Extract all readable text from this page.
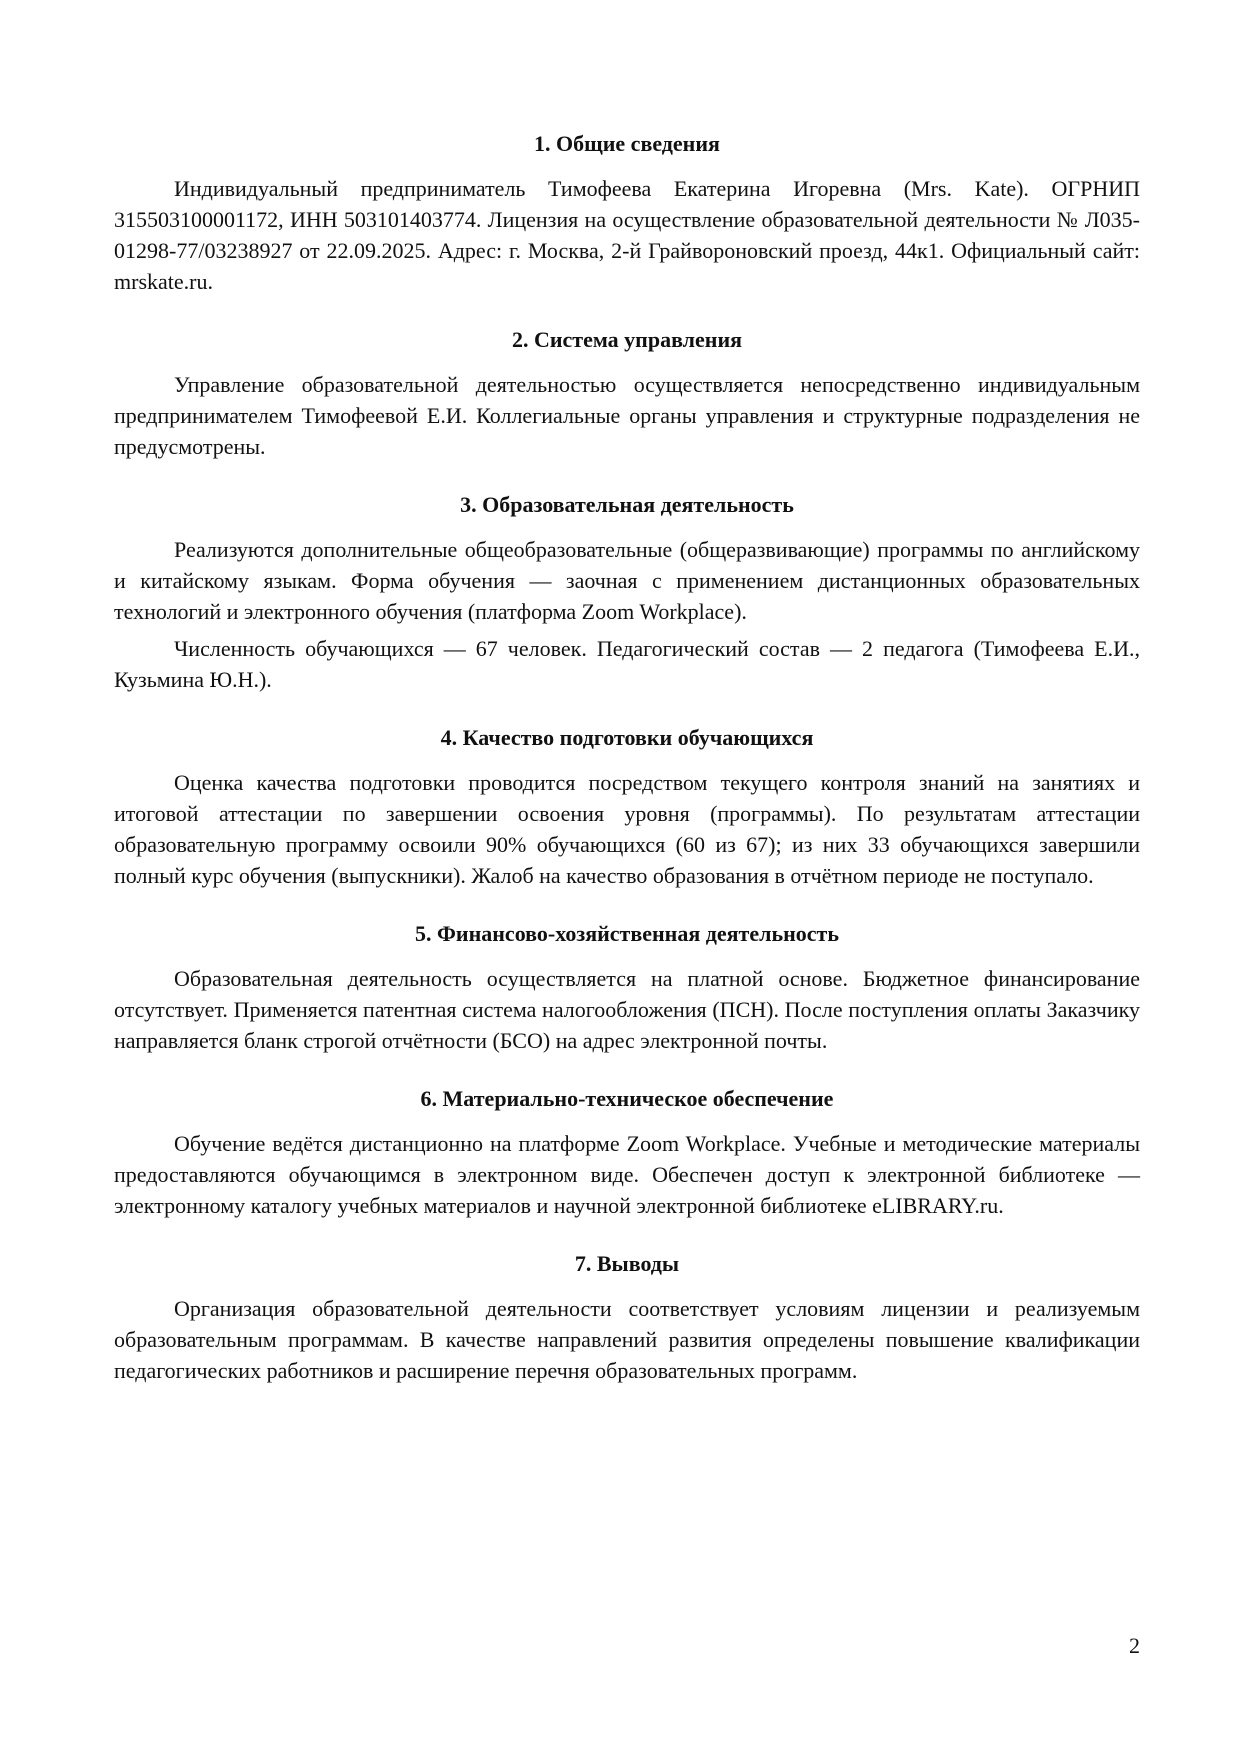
1. Общие сведения

Индивидуальный предприниматель Тимофеева Екатерина Игоревна (Mrs. Kate). ОГРНИП 315503100001172, ИНН 503101403774. Лицензия на осуществление образовательной деятельности № Л035-01298-77/03238927 от 22.09.2025. Адрес: г. Москва, 2-й Грайвороновский проезд, 44к1. Официальный сайт: mrskate.ru.

2. Система управления

Управление образовательной деятельностью осуществляется непосредственно индивидуальным предпринимателем Тимофеевой Е.И. Коллегиальные органы управления и структурные подразделения не предусмотрены.

3. Образовательная деятельность

Реализуются дополнительные общеобразовательные (общеразвивающие) программы по английскому и китайскому языкам. Форма обучения — заочная с применением дистанционных образовательных технологий и электронного обучения (платформа Zoom Workplace).

Численность обучающихся — 67 человек. Педагогический состав — 2 педагога (Тимофеева Е.И., Кузьмина Ю.Н.).

4. Качество подготовки обучающихся

Оценка качества подготовки проводится посредством текущего контроля знаний на занятиях и итоговой аттестации по завершении освоения уровня (программы). По результатам аттестации образовательную программу освоили 90% обучающихся (60 из 67); из них 33 обучающихся завершили полный курс обучения (выпускники). Жалоб на качество образования в отчётном периоде не поступало.

5. Финансово-хозяйственная деятельность

Образовательная деятельность осуществляется на платной основе. Бюджетное финансирование отсутствует. Применяется патентная система налогообложения (ПСН). После поступления оплаты Заказчику направляется бланк строгой отчётности (БСО) на адрес электронной почты.

6. Материально-техническое обеспечение

Обучение ведётся дистанционно на платформе Zoom Workplace. Учебные и методические материалы предоставляются обучающимся в электронном виде. Обеспечен доступ к электронной библиотеке — электронному каталогу учебных материалов и научной электронной библиотеке eLIBRARY.ru.

7. Выводы

Организация образовательной деятельности соответствует условиям лицензии и реализуемым образовательным программам. В качестве направлений развития определены повышение квалификации педагогических работников и расширение перечня образовательных программ.

2
